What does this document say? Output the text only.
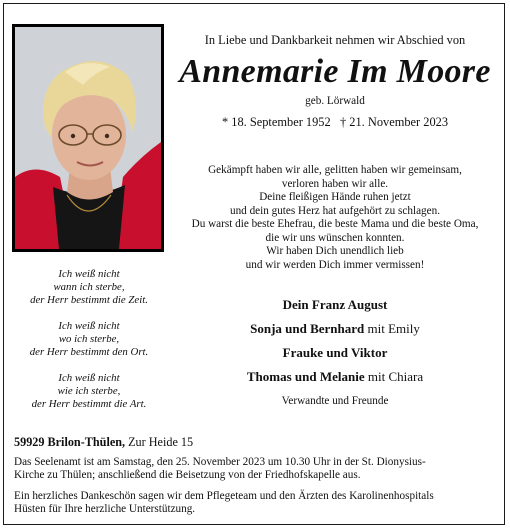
In Liebe und Dankbarkeit nehmen wir Abschied von
Annemarie Im Moore
geb. Lörwald
* 18. September 1952   † 21. November 2023
Gekämpft haben wir alle, gelitten haben wir gemeinsam,
verloren haben wir alle.
Deine fleißigen Hände ruhen jetzt
und dein gutes Herz hat aufgehört zu schlagen.
Du warst die beste Ehefrau, die beste Mama und die beste Oma,
die wir uns wünschen konnten.
Wir haben Dich unendlich lieb
und wir werden Dich immer vermissen!
Ich weiß nicht
wann ich sterbe,
der Herr bestimmt die Zeit.
Ich weiß nicht
wo ich sterbe,
der Herr bestimmt den Ort.
Ich weiß nicht
wie ich sterbe,
der Herr bestimmt die Art.
Dein Franz August
Sonja und Bernhard mit Emily
Frauke und Viktor
Thomas und Melanie mit Chiara
Verwandte und Freunde
59929 Brilon-Thülen, Zur Heide 15
Das Seelenamt ist am Samstag, den 25. November 2023 um 10.30 Uhr in der St. Dionysius-
Kirche zu Thülen; anschließend die Beisetzung von der Friedhofskapelle aus.
Ein herzliches Dankeschön sagen wir dem Pflegeteam und den Ärzten des Karolinenhospitals
Hüsten für Ihre herzliche Unterstützung.
